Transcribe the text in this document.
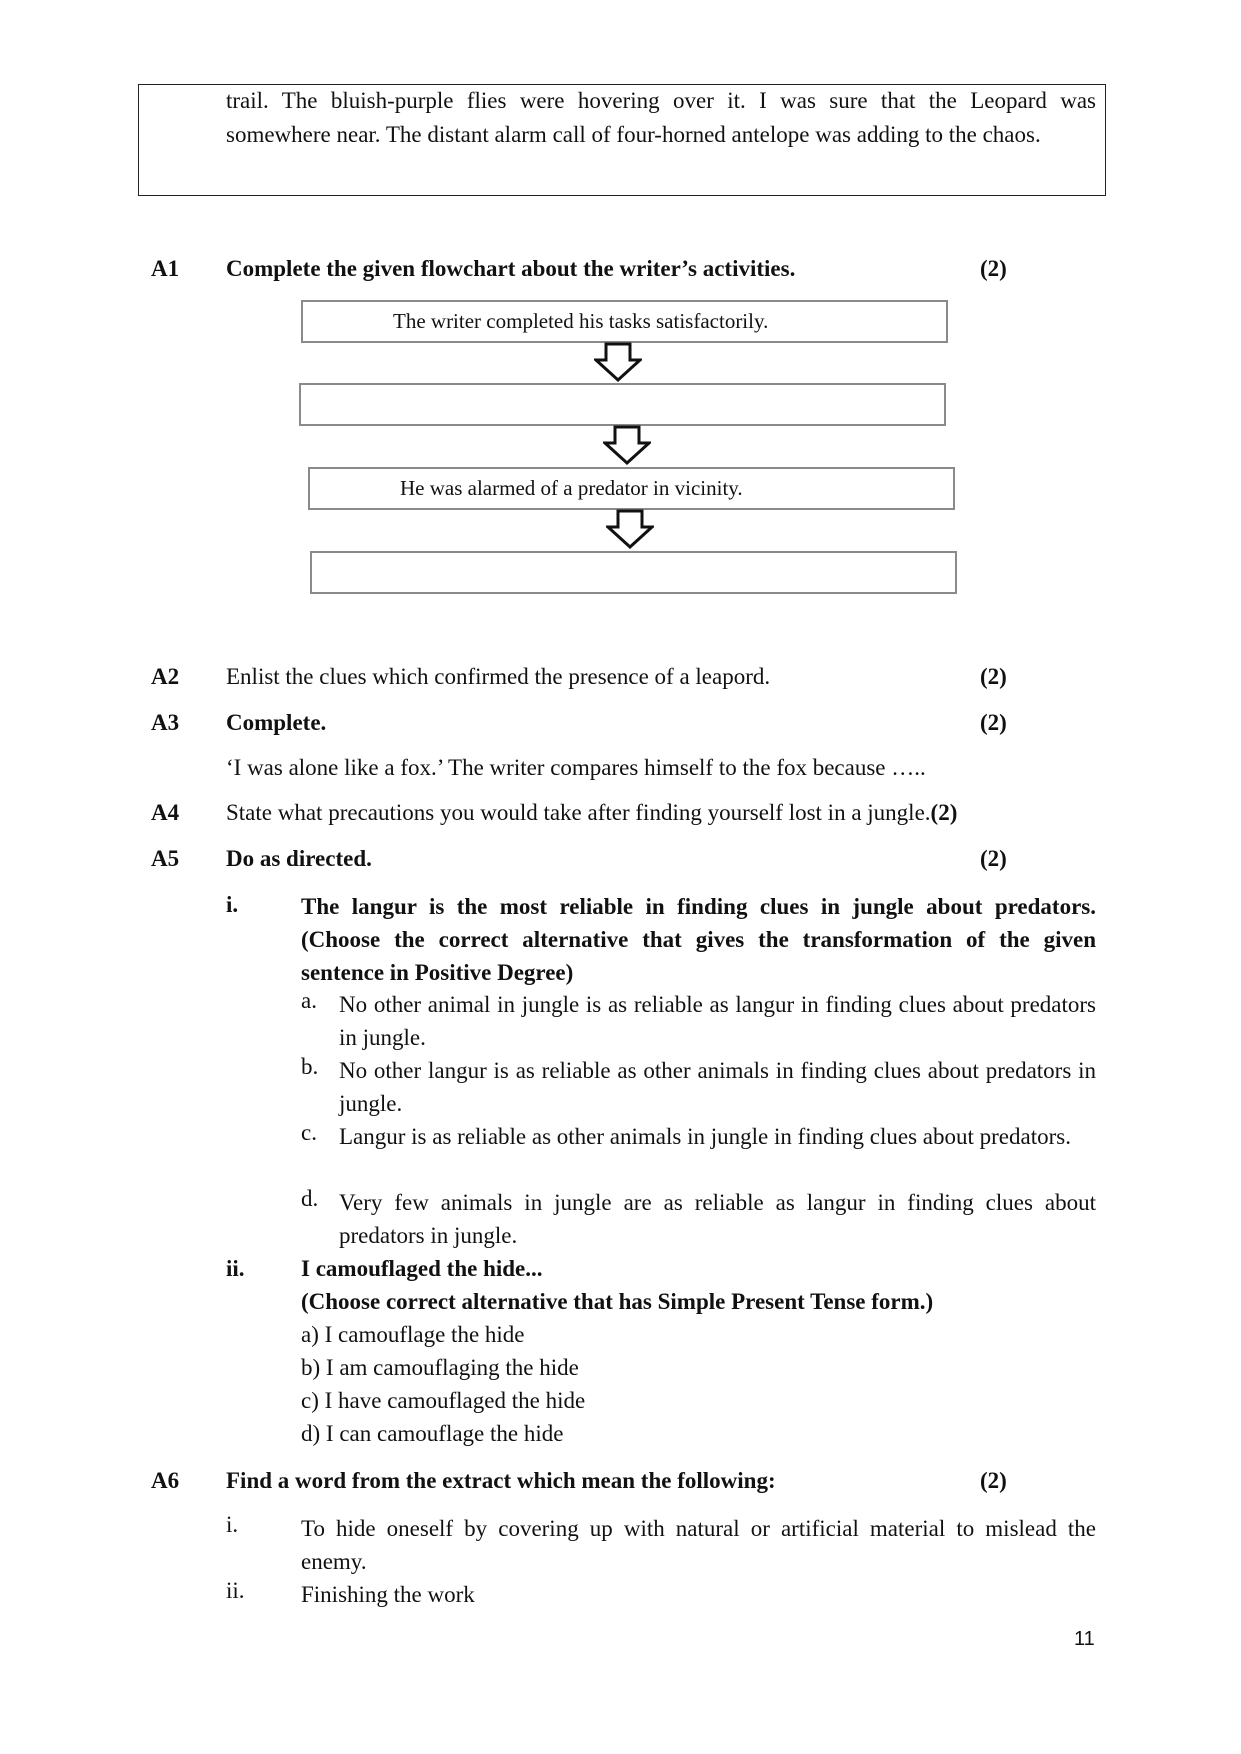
trail. The bluish-purple flies were hovering over it. I was sure that the Leopard was somewhere near. The distant alarm call of four-horned antelope was adding to the chaos.
A1 Complete the given flowchart about the writer’s activities.	(2)
The writer completed his tasks satisfactorily.
He was alarmed of a predator in vicinity.
A2 Enlist the clues which confirmed the presence of a leapord.	(2)
A3 Complete.	(2)
‘I was alone like a fox.’ The writer compares himself to the fox because …..
A4 State what precautions you would take after finding yourself lost in a jungle.(2)
A5 Do as directed.	(2)
i.	The langur is the most reliable in finding clues in jungle about predators. (Choose the correct alternative that gives the transformation of the given sentence in Positive Degree)
a. No other animal in jungle is as reliable as langur in finding clues about predators in jungle.
b. No other langur is as reliable as other animals in finding clues about predators in jungle.
c. Langur is as reliable as other animals in jungle in finding clues about predators.
d. Very few animals in jungle are as reliable as langur in finding clues about predators in jungle.
ii. I camouflaged the hide...
(Choose correct alternative that has Simple Present Tense form.)
a) I camouflage the hide
b) I am camouflaging the hide
c) I have camouflaged the hide
d) I can camouflage the hide
A6 Find a word from the extract which mean the following:	(2)
i.	To hide oneself by covering up with natural or artificial material to mislead the enemy.
ii. Finishing the work
11
